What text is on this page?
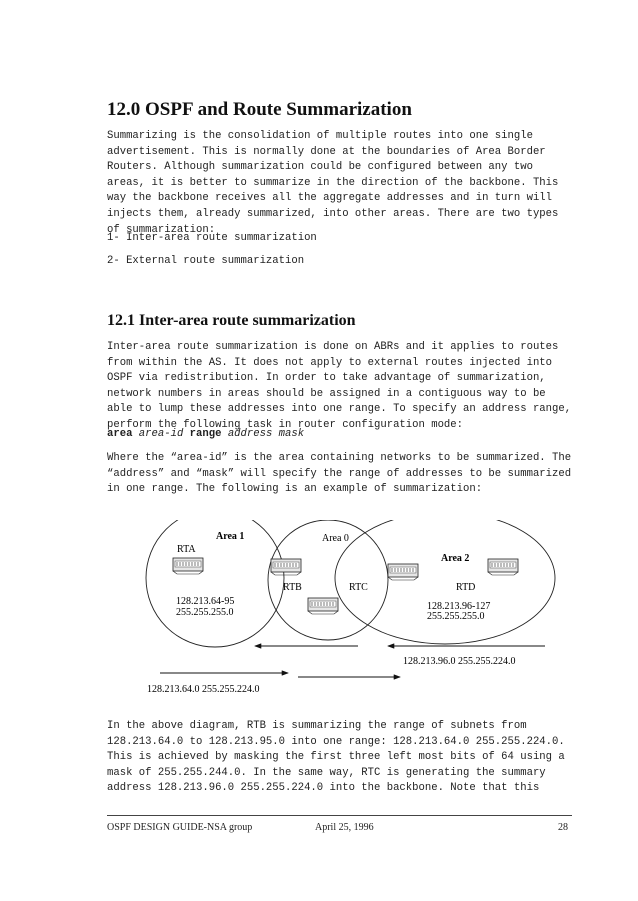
12.0 OSPF and Route Summarization
Summarizing is the consolidation of multiple routes into one single
advertisement. This is normally done at the boundaries of Area Border
Routers. Although summarization could be configured between any two
areas, it is better to summarize in the direction of the backbone. This
way the backbone receives all the aggregate addresses and in turn will
injects them, already summarized, into other areas. There are two types
of summarization:
1- Inter-area route summarization
2- External route summarization
12.1 Inter-area route summarization
Inter-area route summarization is done on ABRs and it applies to routes
from within the AS. It does not apply to external routes injected into
OSPF via redistribution. In order to take advantage of summarization,
network numbers in areas should be assigned in a contiguous way to be
able to lump these addresses into one range. To specify an address range,
perform the following task in router configuration mode:
area area-id range address mask
Where the “area-id” is the area containing networks to be summarized. The
“address” and “mask” will specify the range of addresses to be summarized
in one range. The following is an example of summarization:
Area 1	Area 0
Area 2
RTA
RTB	RTC	RTD
128.213.64-95
255.255.255.0
128.213.96-127
255.255.255.0
128.213.96.0 255.255.224.0
128.213.64.0 255.255.224.0
In the above diagram, RTB is summarizing the range of subnets from
128.213.64.0 to 128.213.95.0 into one range: 128.213.64.0 255.255.224.0.
This is achieved by masking the first three left most bits of 64 using a
mask of 255.255.244.0. In the same way, RTC is generating the summary
address 128.213.96.0 255.255.224.0 into the backbone. Note that this
OSPF DESIGN GUIDE-NSA group	April 25, 1996	28
